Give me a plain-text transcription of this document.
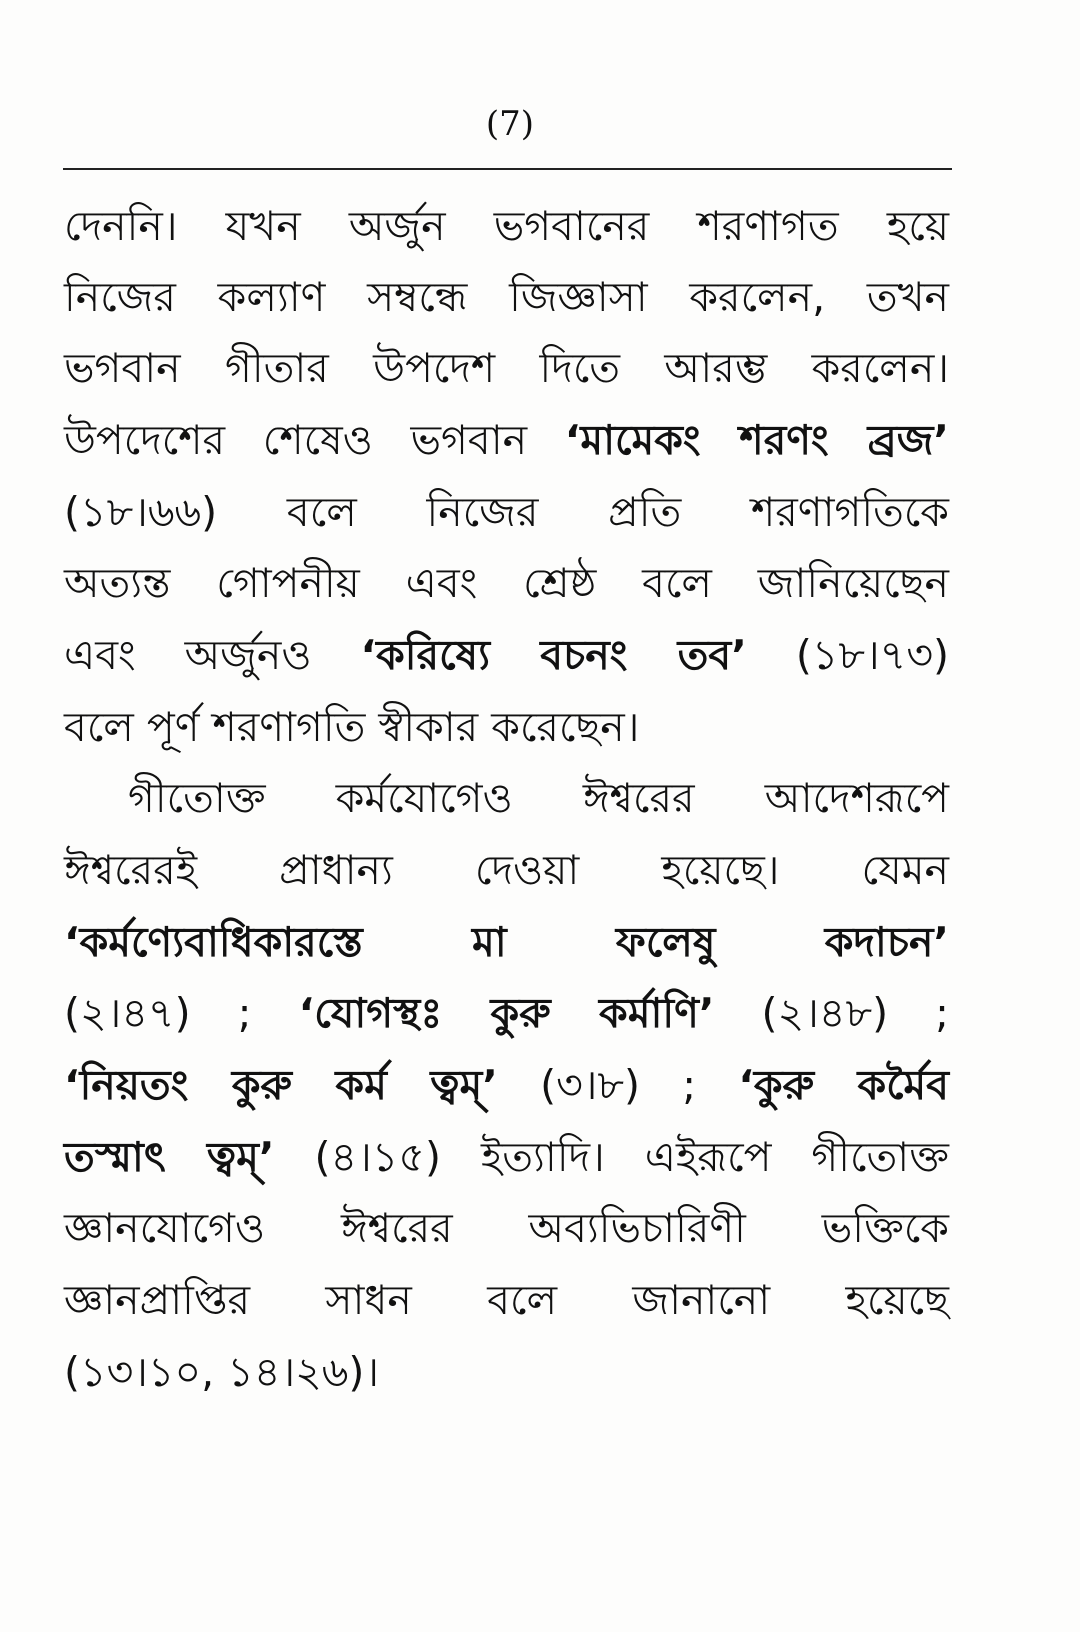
(7)
দেননি। যখন অর্জুন ভগবানের শরণাগত হয়ে
নিজের কল্যাণ সম্বন্ধে জিজ্ঞাসা করলেন, তখন
ভগবান গীতার উপদেশ দিতে আরম্ভ করলেন।
উপদেশের শেষেও ভগবান ‘মামেকং শরণং ব্রজ’
(১৮।৬৬) বলে নিজের প্রতি শরণাগতিকে
অত্যন্ত গোপনীয় এবং শ্রেষ্ঠ বলে জানিয়েছেন
এবং অর্জুনও ‘করিষ্যে বচনং তব’ (১৮।৭৩)
বলে পূর্ণ শরণাগতি স্বীকার করেছেন।
গীতোক্ত কর্মযোগেও ঈশ্বরের আদেশরূপে
ঈশ্বরেরই প্রাধান্য দেওয়া হয়েছে। যেমন
‘কর্মণ্যেবাধিকারস্তে মা ফলেষু কদাচন’
(২।৪৭) ; ‘যোগস্থঃ কুরু কর্মাণি’ (২।৪৮) ;
‘নিয়তং কুরু কর্ম ত্বম্’ (৩।৮) ; ‘কুরু কর্মৈব
তস্মাৎ ত্বম্’ (৪।১৫) ইত্যাদি। এইরূপে গীতোক্ত
জ্ঞানযোগেও ঈশ্বরের অব্যভিচারিণী ভক্তিকে
জ্ঞানপ্রাপ্তির সাধন বলে জানানো হয়েছে
(১৩।১০, ১৪।২৬)।
